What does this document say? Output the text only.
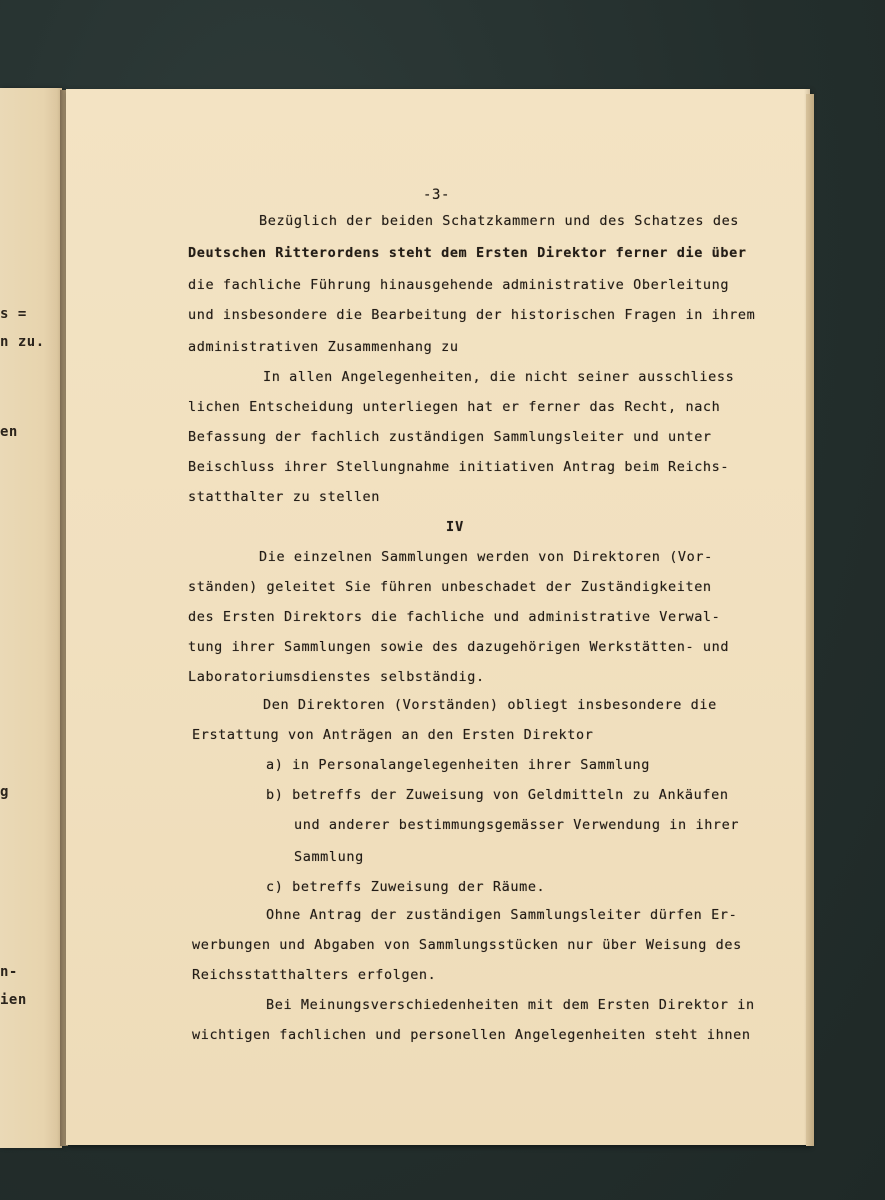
s =
n zu.
en
g
n-
ien
-3-
Bezüglich der beiden Schatzkammern und des Schatzes des
Deutschen Ritterordens steht dem Ersten Direktor ferner die über
die fachliche Führung hinausgehende administrative Oberleitung
und insbesondere die Bearbeitung der historischen Fragen in ihrem
administrativen Zusammenhang zu
In allen Angelegenheiten, die nicht seiner ausschliess
lichen Entscheidung unterliegen hat er ferner das Recht, nach
Befassung der fachlich zuständigen Sammlungsleiter und unter
Beischluss ihrer Stellungnahme initiativen Antrag beim Reichs-
statthalter zu stellen
IV
Die einzelnen Sammlungen werden von Direktoren (Vor-
ständen) geleitet Sie führen unbeschadet der Zuständigkeiten
des Ersten Direktors die fachliche und administrative Verwal-
tung ihrer Sammlungen sowie des dazugehörigen Werkstätten- und
Laboratoriumsdienstes selbständig.
Den Direktoren (Vorständen) obliegt insbesondere die
Erstattung von Anträgen an den Ersten Direktor
a) in Personalangelegenheiten ihrer Sammlung
b) betreffs der Zuweisung von Geldmitteln zu Ankäufen
und anderer bestimmungsgemässer Verwendung in ihrer
Sammlung
c) betreffs Zuweisung der Räume.
Ohne Antrag der zuständigen Sammlungsleiter dürfen Er-
werbungen und Abgaben von Sammlungsstücken nur über Weisung des
Reichsstatthalters erfolgen.
Bei Meinungsverschiedenheiten mit dem Ersten Direktor in
wichtigen fachlichen und personellen Angelegenheiten steht ihnen
